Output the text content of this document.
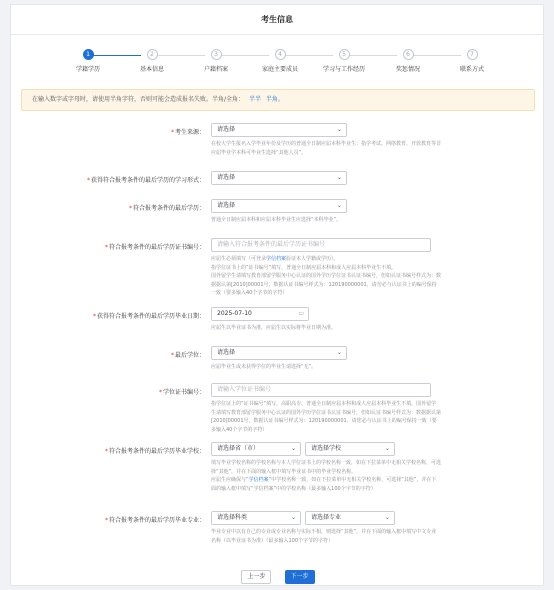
考生信息
1
学籍学历
2
基本信息
3
户籍档案
4
家庭主要成员
5
学习与工作经历
6
奖惩情况
7
联系方式
在输入数字或字母时，请使用半角字符，否则可能会造成报名失败。半角/全角： 半半 半角。
*考生来源：	请选择	⌄
在校大学生报名入学毕业年份及学历的普通全日制应届本科毕业生：指学考试、网络教育、开放教育等非应届毕业学本科可毕业生选择“其他人员”。
*获得符合报考条件的最后学历的学习形式：	请选择	⌄
*符合报考条件的最后学历：	请选择	⌄
普通全日制应届本科和应届本科毕业生应选择“本科毕业”。
*符合报考条件的最后学历证书编号：	请输入符合报考条件的最后学历证书编号
应届生必须填写（可登录学信档案验证本人学籍或学历）。
指学位证书上的“证书编号”填写，普通全日制应届本科和成人应届本科毕业生不填。
国外留学生请填写教育部留学服务中心认证的国外学历学位证书认证书编号，但如认证书编号样式为：数据据认第[2010]00001号，数据认证书编号样式为：120190000001，请勿必与认证书上的编号保持一致（要多输入40个字节的字符）
*获得符合报考条件的最后学历毕业日期：	2025-07-10	▭
应届生以毕业证书为准，应届生以实际将毕业日期为准。
*最后学位：	请选择	⌄
应届毕业生或未获得学位的毕业生请选择“无”。
*学位证书编号：	请输入学位证书编号
指学位证上的“证书编号”填写，高职高专、普通全日制应届本科和成人应届本科毕业生不填。国外留学生请填写教育部留学服务中心认证的国外学历学位证书认证书编号，但如认证书编号样式为：数据据认第[2010]00001号，数据认证书编号样式为：120190000001，请您必与认证书上的编号保持一致（要多输入40个字节的字符）
*符合报考条件的最后学历毕业学校：	请选择省（市）	⌄	请选择学校	⌄
填写毕业学校名称的学校名称与本人学位证书上的学校名称一致，如在下拉菜单中无相关学校名称，可选择“其他”，并在下面的输入框中填写毕业证书中的毕业学校名称。
应届生应确保与“学信档案”中学校名称一致，如在下拉菜单中无相关学校名称，可选择“其他”，并在下面的输入框中填写“学信档案”中的学校名称（最多输入100个字节的字符）
*符合报考条件的最后学历毕业专业：	请选择科类	⌄	请选择专业	⌄
毕业专业中以有自己的专业或专业名称与实际不相，则选择“其他”，并在下面的输入框中填写中文专业名称（以毕业证书为准）（最多输入100个字节的字符）
上一步	下一步
